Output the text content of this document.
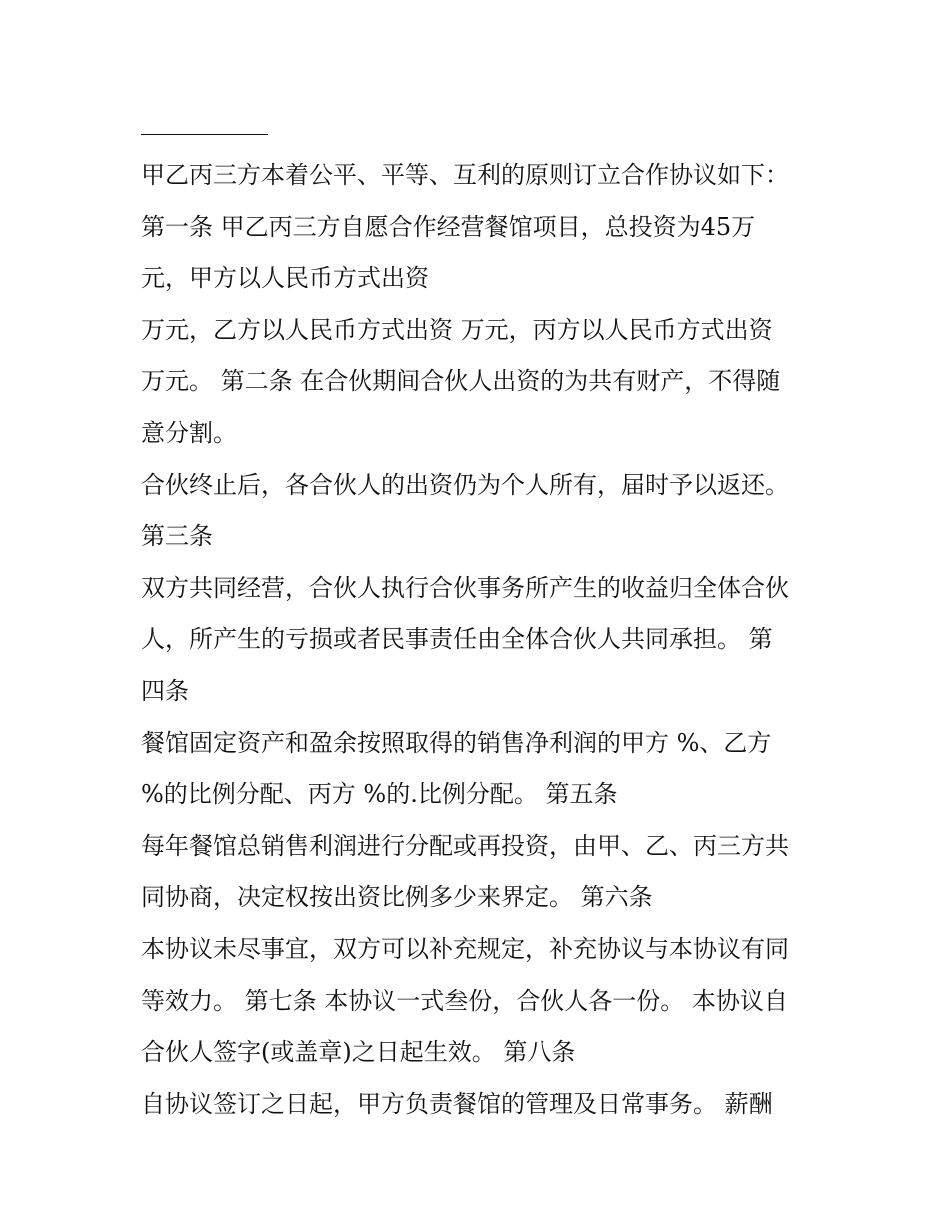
甲乙丙三方本着公平、平等、互利的原则订立合作协议如下：
第一条 甲乙丙三方自愿合作经营餐馆项目，总投资为45万
元，甲方以人民币方式出资
万元，乙方以人民币方式出资 万元，丙方以人民币方式出资
万元。 第二条 在合伙期间合伙人出资的为共有财产，不得随
意分割。
合伙终止后，各合伙人的出资仍为个人所有，届时予以返还。
第三条
双方共同经营，合伙人执行合伙事务所产生的收益归全体合伙
人，所产生的亏损或者民事责任由全体合伙人共同承担。 第
四条
餐馆固定资产和盈余按照取得的销售净利润的甲方 %、乙方
%的比例分配、丙方 %的.比例分配。 第五条
每年餐馆总销售利润进行分配或再投资，由甲、乙、丙三方共
同协商，决定权按出资比例多少来界定。 第六条
本协议未尽事宜，双方可以补充规定，补充协议与本协议有同
等效力。 第七条 本协议一式叁份，合伙人各一份。 本协议自
合伙人签字(或盖章)之日起生效。 第八条
自协议签订之日起，甲方负责餐馆的管理及日常事务。 薪酬
